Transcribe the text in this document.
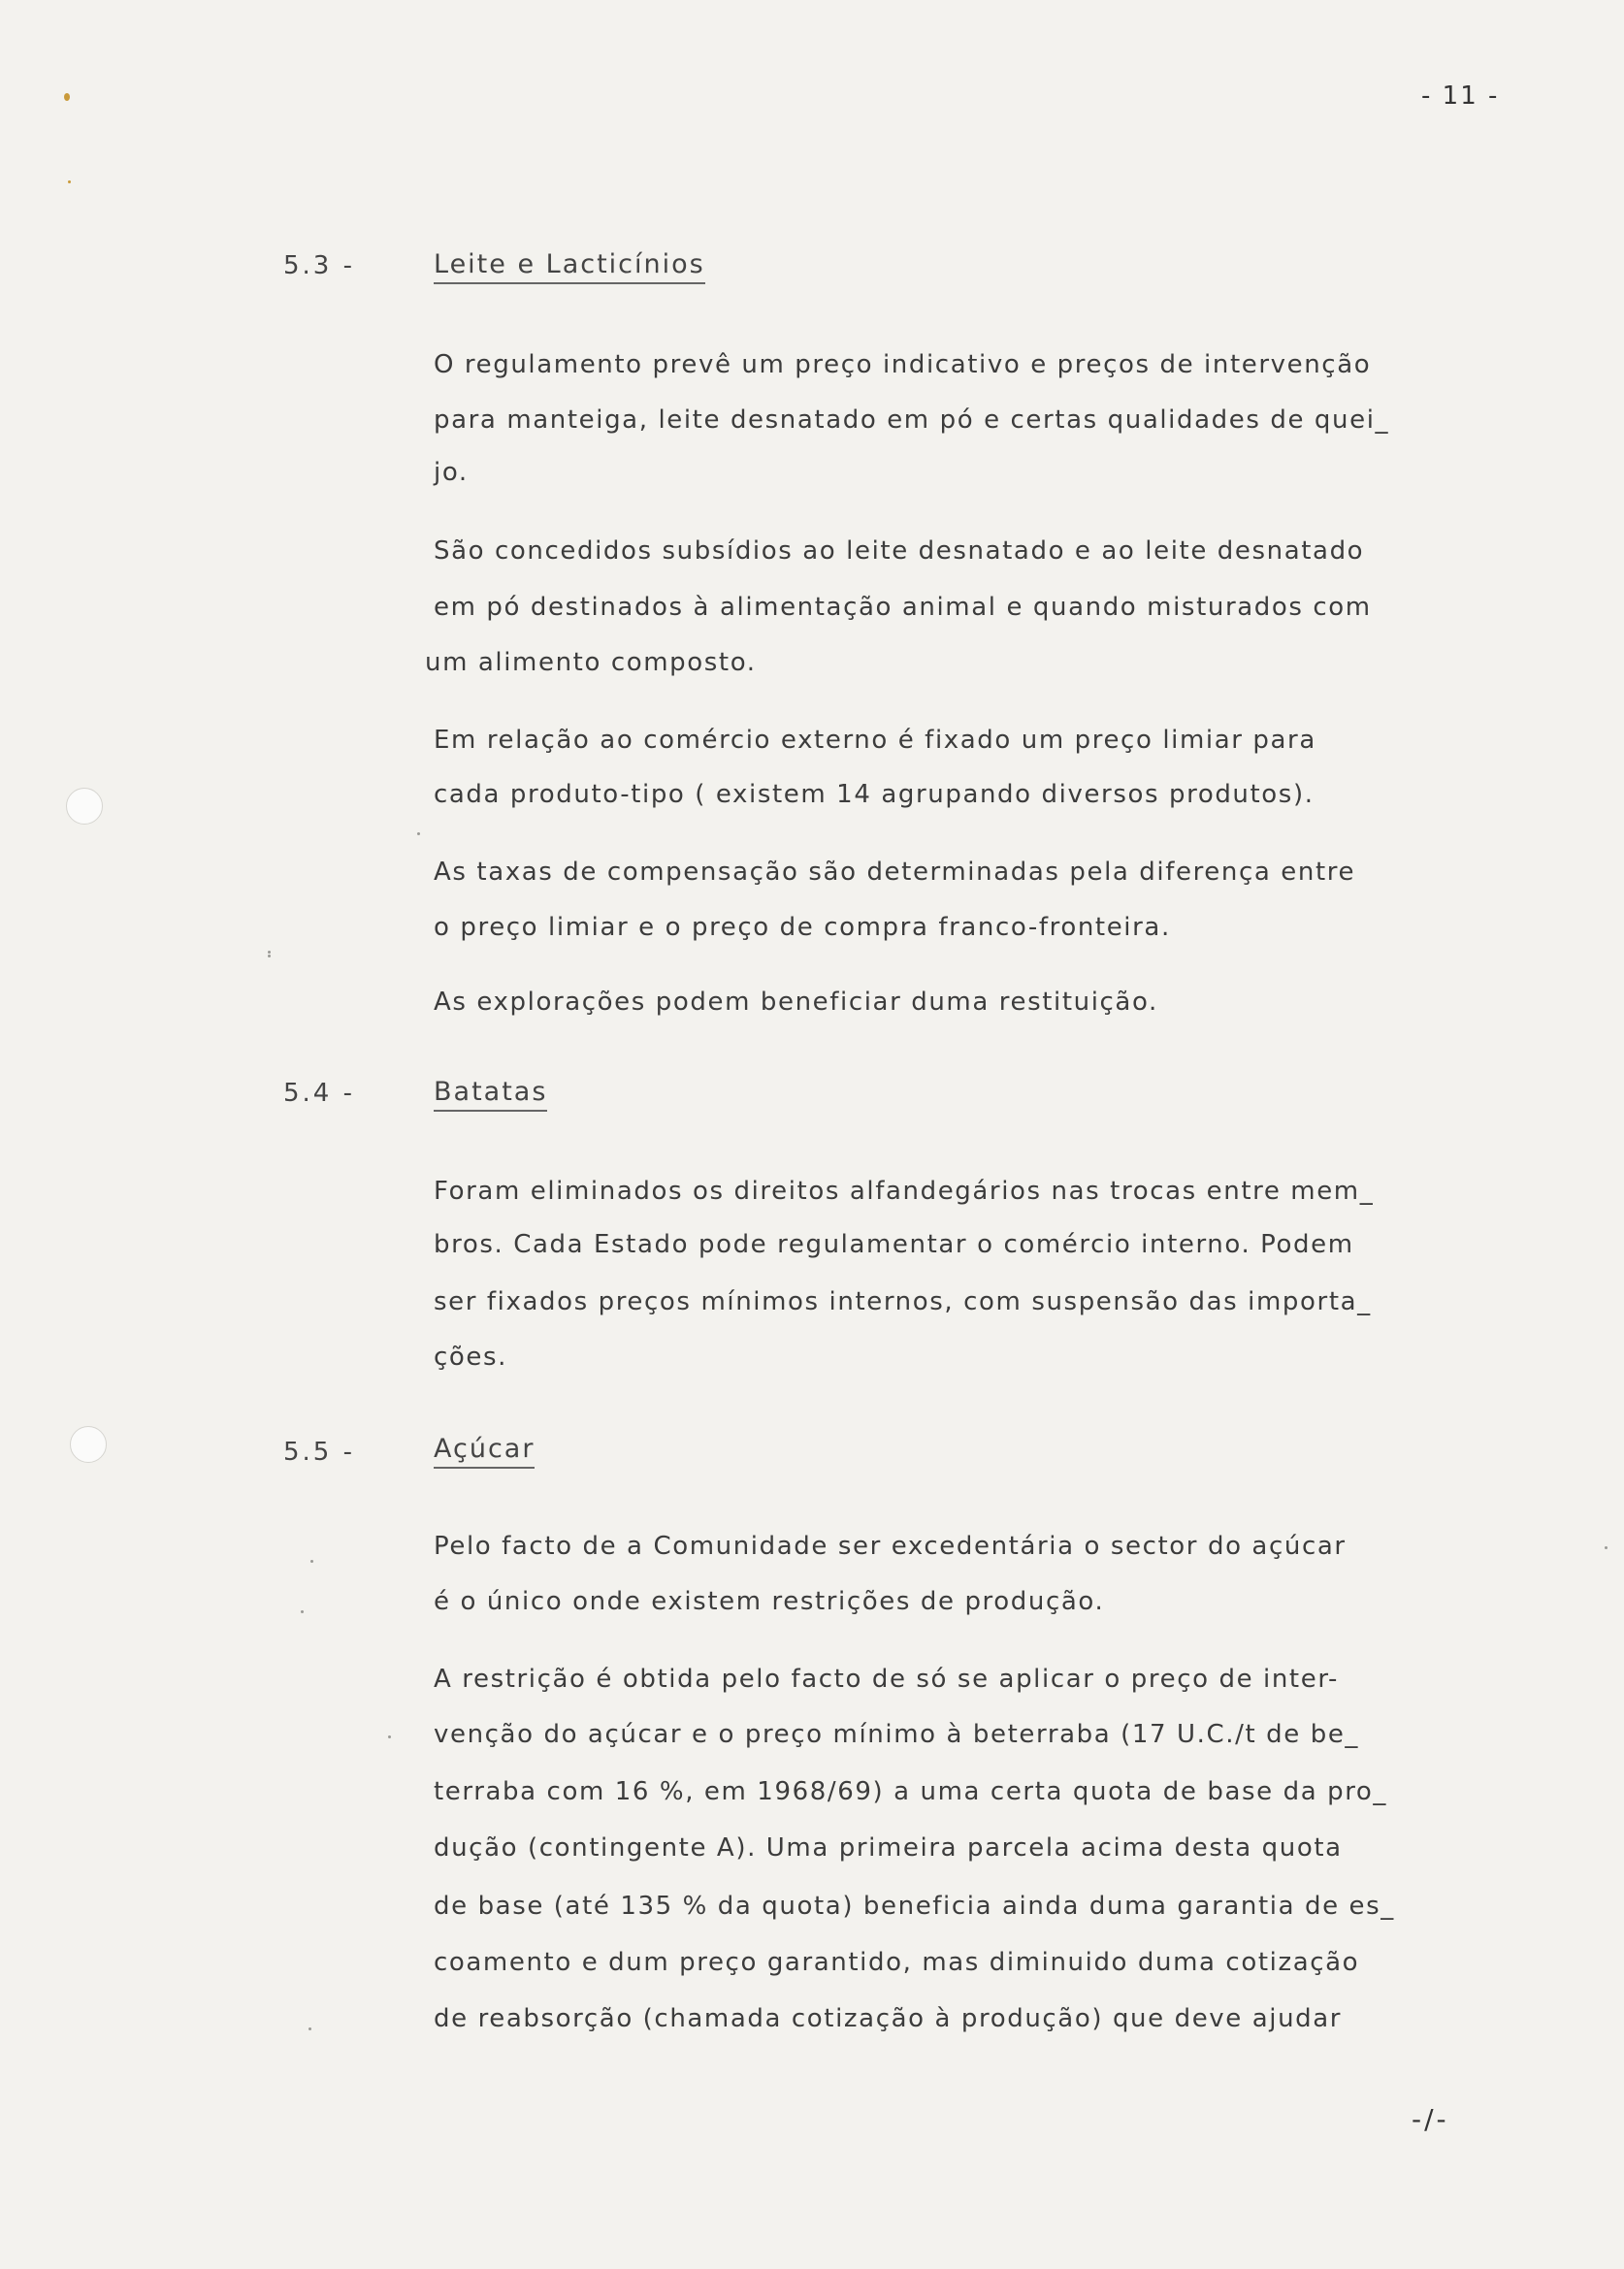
- 11 -
5.3 -	Leite e Lacticínios
O regulamento prevê um preço indicativo e preços de intervenção
para manteiga, leite desnatado em pó e certas qualidades de quei_
jo.
São concedidos subsídios ao leite desnatado e ao leite desnatado
em pó destinados à alimentação animal e quando misturados com
um alimento composto.
Em relação ao comércio externo é fixado um preço limiar para
cada produto-tipo ( existem 14 agrupando diversos produtos).
As taxas de compensação são determinadas pela diferença entre
o preço limiar e o preço de compra franco-fronteira.
As explorações podem beneficiar duma restituição.
5.4 -	Batatas
Foram eliminados os direitos alfandegários nas trocas entre mem_
bros. Cada Estado pode regulamentar o comércio interno. Podem
ser fixados preços mínimos internos, com suspensão das importa_
ções.
5.5 -	Açúcar
Pelo facto de a Comunidade ser excedentária o sector do açúcar
é o único onde existem restrições de produção.
A restrição é obtida pelo facto de só se aplicar o preço de inter-
venção do açúcar e o preço mínimo à beterraba (17 U.C./t de be_
terraba com 16 %, em 1968/69) a uma certa quota de base da pro_
dução (contingente A). Uma primeira parcela acima desta quota
de base (até 135 % da quota) beneficia ainda duma garantia de es_
coamento e dum preço garantido, mas diminuido duma cotização
de reabsorção (chamada cotização à produção) que deve ajudar
-/-
